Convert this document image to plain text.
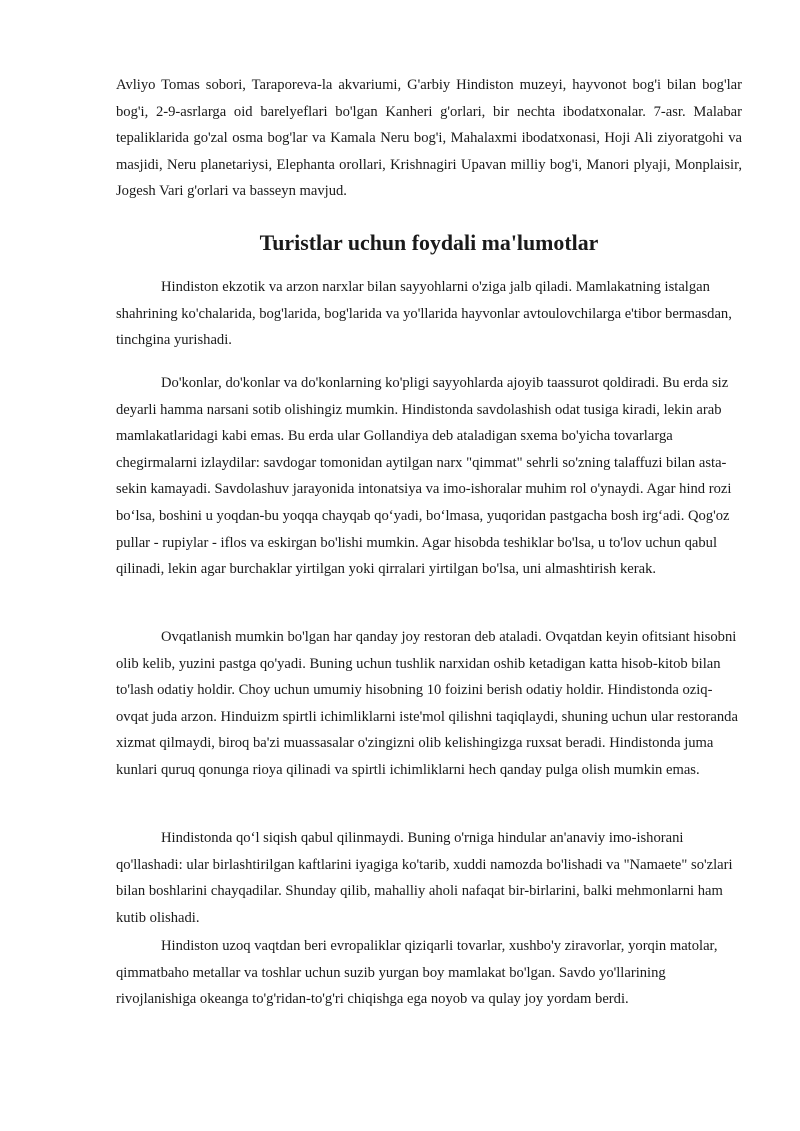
Avliyo Tomas sobori, Taraporeva-la akvariumi, G'arbiy Hindiston muzeyi, hayvonot bog'i bilan bog'lar bog'i, 2-9-asrlarga oid barelyeflari bo'lgan Kanheri g'orlari, bir nechta ibodatxonalar. 7-asr. Malabar tepaliklarida go'zal osma bog'lar va Kamala Neru bog'i, Mahalaxmi ibodatxonasi, Hoji Ali ziyoratgohi va masjidi, Neru planetariysi, Elephanta orollari, Krishnagiri Upavan milliy bog'i, Manori plyaji, Monplaisir, Jogesh Vari g'orlari va basseyn mavjud.

Turistlar uchun foydali ma'lumotlar

Hindiston ekzotik va arzon narxlar bilan sayyohlarni o'ziga jalb qiladi. Mamlakatning istalgan shahrining ko'chalarida, bog'larida, bog'larida va yo'llarida hayvonlar avtoulovchilarga e'tibor bermasdan, tinchgina yurishadi.

Do'konlar, do'konlar va do'konlarning ko'pligi sayyohlarda ajoyib taassurot qoldiradi. Bu erda siz deyarli hamma narsani sotib olishingiz mumkin. Hindistonda savdolashish odat tusiga kiradi, lekin arab mamlakatlaridagi kabi emas. Bu erda ular Gollandiya deb ataladigan sxema bo'yicha tovarlarga chegirmalarni izlaydilar: savdogar tomonidan aytilgan narx "qimmat" sehrli so'zning talaffuzi bilan asta-sekin kamayadi. Savdolashuv jarayonida intonatsiya va imo-ishoralar muhim rol o'ynaydi. Agar hind rozi bo‘lsa, boshini u yoqdan-bu yoqqa chayqab qo‘yadi, bo‘lmasa, yuqoridan pastgacha bosh irg‘adi. Qog'oz pullar - rupiylar - iflos va eskirgan bo'lishi mumkin. Agar hisobda teshiklar bo'lsa, u to'lov uchun qabul qilinadi, lekin agar burchaklar yirtilgan yoki qirralari yirtilgan bo'lsa, uni almashtirish kerak.

Ovqatlanish mumkin bo'lgan har qanday joy restoran deb ataladi. Ovqatdan keyin ofitsiant hisobni olib kelib, yuzini pastga qo'yadi. Buning uchun tushlik narxidan oshib ketadigan katta hisob-kitob bilan to'lash odatiy holdir. Choy uchun umumiy hisobning 10 foizini berish odatiy holdir. Hindistonda oziq-ovqat juda arzon. Hinduizm spirtli ichimliklarni iste'mol qilishni taqiqlaydi, shuning uchun ular restoranda xizmat qilmaydi, biroq ba'zi muassasalar o'zingizni olib kelishingizga ruxsat beradi. Hindistonda juma kunlari quruq qonunga rioya qilinadi va spirtli ichimliklarni hech qanday pulga olish mumkin emas.

Hindistonda qo‘l siqish qabul qilinmaydi. Buning o'rniga hindular an'anaviy imo-ishorani qo'llashadi: ular birlashtirilgan kaftlarini iyagiga ko'tarib, xuddi namozda bo'lishadi va "Namaete" so'zlari bilan boshlarini chayqadilar. Shunday qilib, mahalliy aholi nafaqat bir-birlarini, balki mehmonlarni ham kutib olishadi.

Hindiston uzoq vaqtdan beri evropaliklar qiziqarli tovarlar, xushbo'y ziravorlar, yorqin matolar, qimmatbaho metallar va toshlar uchun suzib yurgan boy mamlakat bo'lgan. Savdo yo'llarining rivojlanishiga okeanga to'g'ridan-to'g'ri chiqishga ega noyob va qulay joy yordam berdi.
